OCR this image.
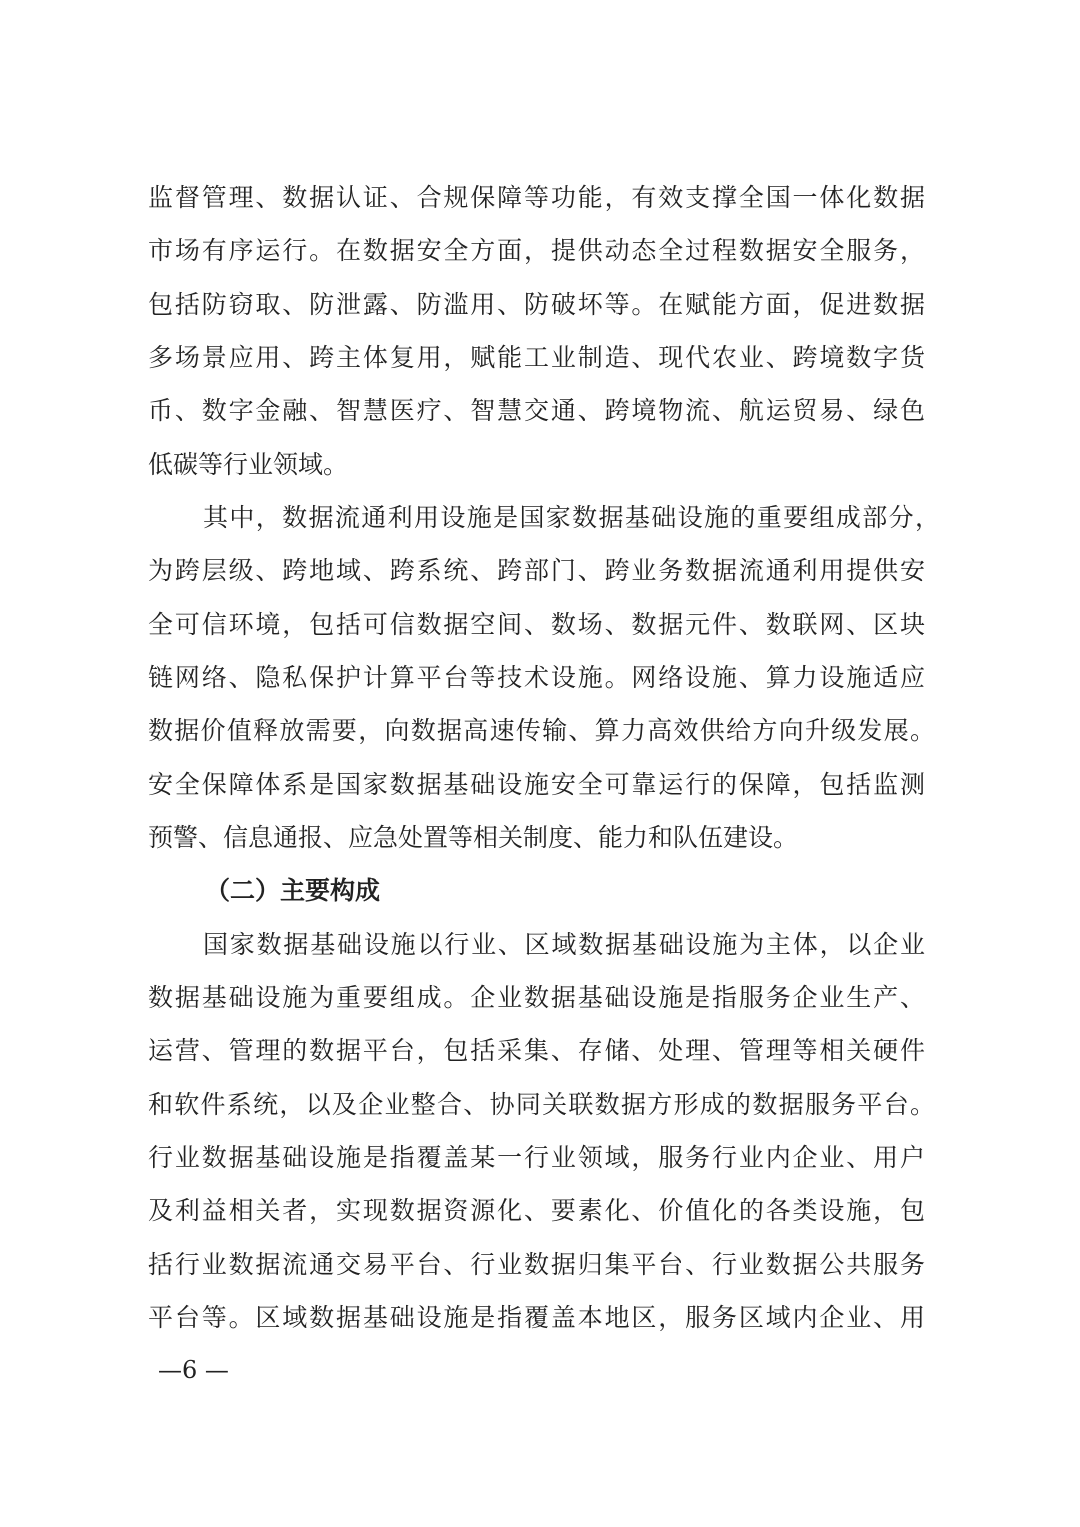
监督管理、数据认证、合规保障等功能，有效支撑全国一体化数据
市场有序运行。在数据安全方面，提供动态全过程数据安全服务，
包括防窃取、防泄露、防滥用、防破坏等。在赋能方面，促进数据
多场景应用、跨主体复用，赋能工业制造、现代农业、跨境数字货
币、数字金融、智慧医疗、智慧交通、跨境物流、航运贸易、绿色
低碳等行业领域。
其中，数据流通利用设施是国家数据基础设施的重要组成部分，
为跨层级、跨地域、跨系统、跨部门、跨业务数据流通利用提供安
全可信环境，包括可信数据空间、数场、数据元件、数联网、区块
链网络、隐私保护计算平台等技术设施。网络设施、算力设施适应
数据价值释放需要，向数据高速传输、算力高效供给方向升级发展。
安全保障体系是国家数据基础设施安全可靠运行的保障，包括监测
预警、信息通报、应急处置等相关制度、能力和队伍建设。
（二）主要构成
国家数据基础设施以行业、区域数据基础设施为主体，以企业
数据基础设施为重要组成。企业数据基础设施是指服务企业生产、
运营、管理的数据平台，包括采集、存储、处理、管理等相关硬件
和软件系统，以及企业整合、协同关联数据方形成的数据服务平台。
行业数据基础设施是指覆盖某一行业领域，服务行业内企业、用户
及利益相关者，实现数据资源化、要素化、价值化的各类设施，包
括行业数据流通交易平台、行业数据归集平台、行业数据公共服务
平台等。区域数据基础设施是指覆盖本地区，服务区域内企业、用
—6 —
